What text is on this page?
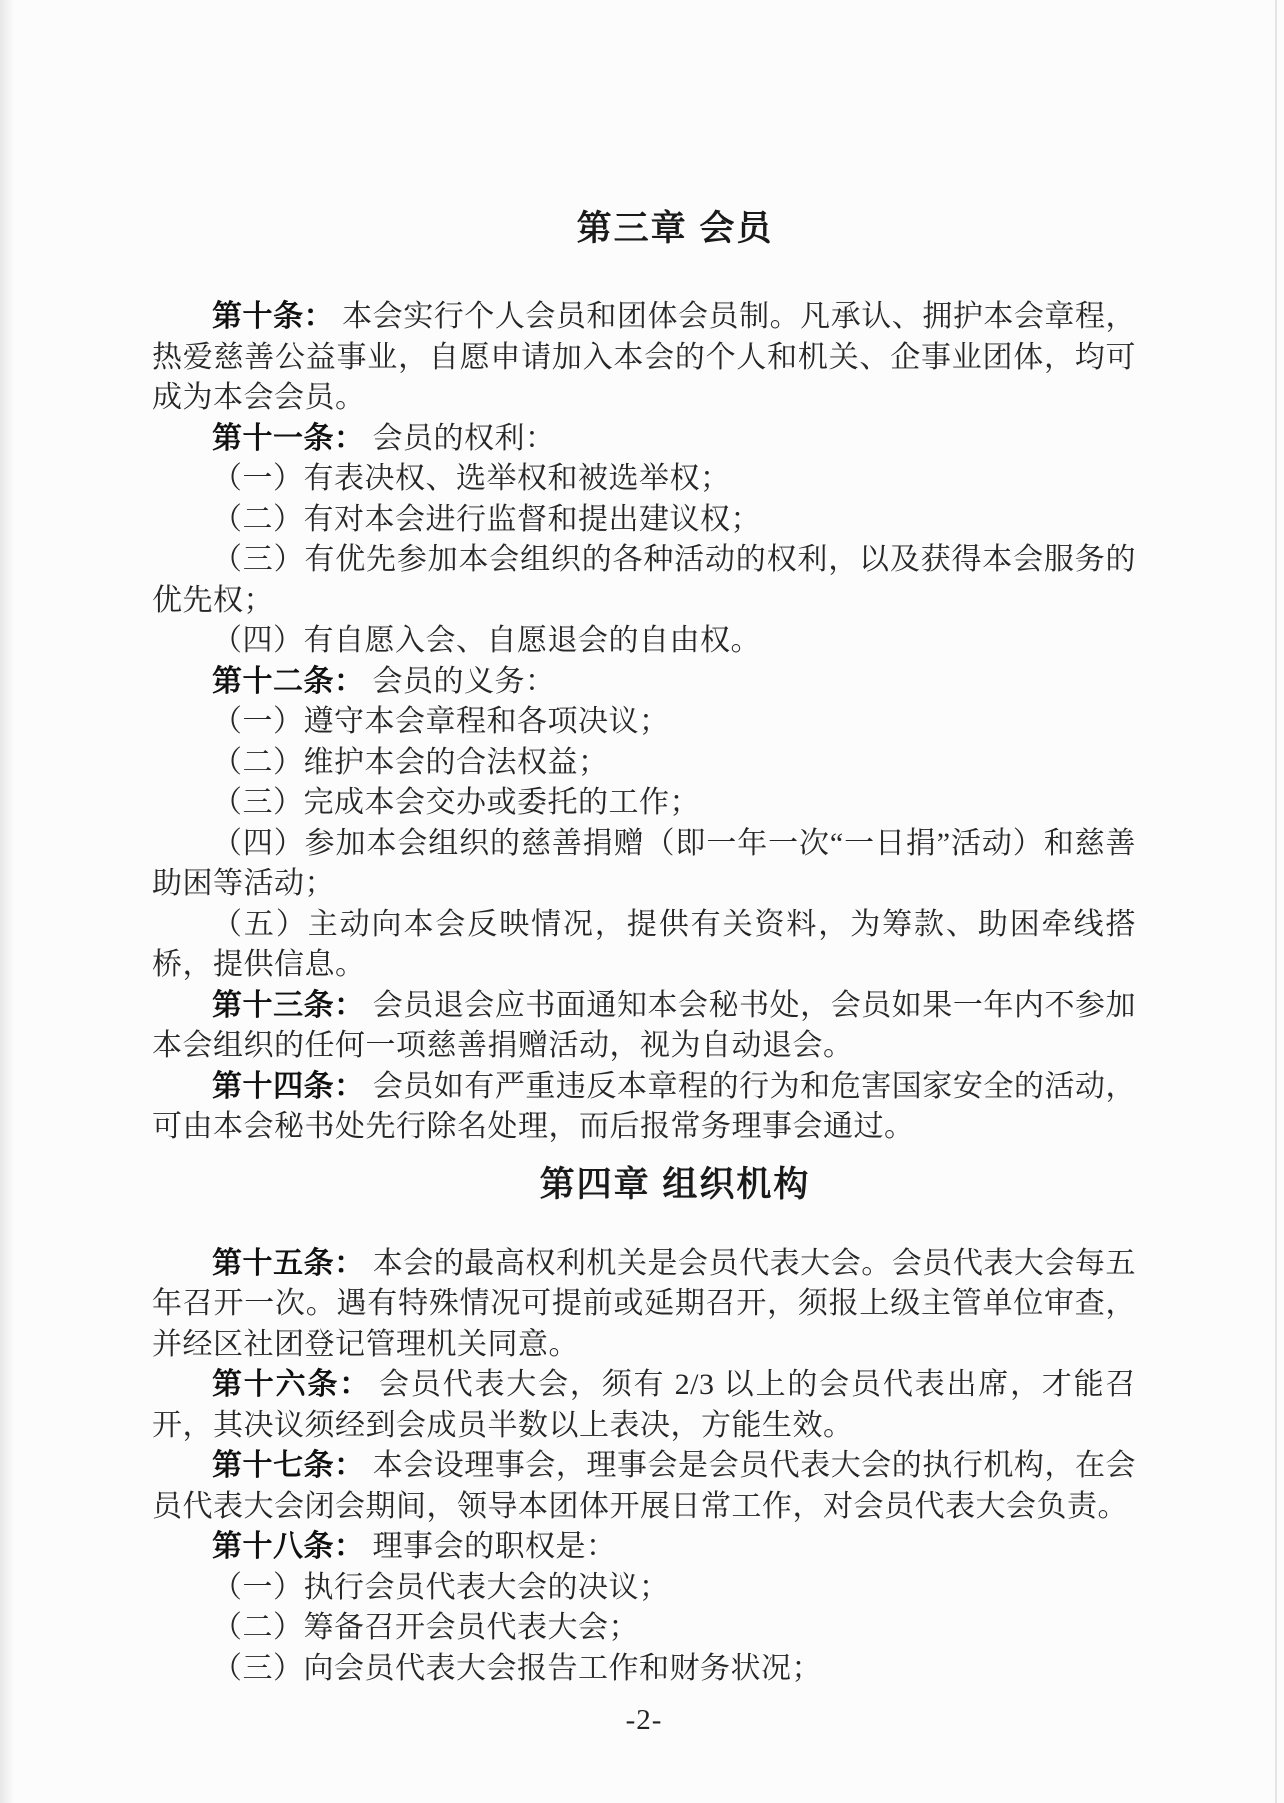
第三章 会员

第十条： 本会实行个人会员和团体会员制。凡承认、拥护本会章程，热爱慈善公益事业，自愿申请加入本会的个人和机关、企事业团体，均可成为本会会员。

第十一条： 会员的权利：

（一）有表决权、选举权和被选举权；

（二）有对本会进行监督和提出建议权；

（三）有优先参加本会组织的各种活动的权利，以及获得本会服务的优先权；

（四）有自愿入会、自愿退会的自由权。

第十二条： 会员的义务：

（一）遵守本会章程和各项决议；

（二）维护本会的合法权益；

（三）完成本会交办或委托的工作；

（四）参加本会组织的慈善捐赠（即一年一次“一日捐”活动）和慈善助困等活动；

（五）主动向本会反映情况，提供有关资料，为筹款、助困牵线搭桥，提供信息。

第十三条： 会员退会应书面通知本会秘书处，会员如果一年内不参加本会组织的任何一项慈善捐赠活动，视为自动退会。

第十四条： 会员如有严重违反本章程的行为和危害国家安全的活动，可由本会秘书处先行除名处理，而后报常务理事会通过。

第四章 组织机构

第十五条： 本会的最高权利机关是会员代表大会。会员代表大会每五年召开一次。遇有特殊情况可提前或延期召开，须报上级主管单位审查，并经区社团登记管理机关同意。

第十六条： 会员代表大会，须有 2/3 以上的会员代表出席，才能召开，其决议须经到会成员半数以上表决，方能生效。

第十七条： 本会设理事会，理事会是会员代表大会的执行机构，在会员代表大会闭会期间，领导本团体开展日常工作，对会员代表大会负责。

第十八条： 理事会的职权是：

（一）执行会员代表大会的决议；

（二）筹备召开会员代表大会；

（三）向会员代表大会报告工作和财务状况；

-2-
